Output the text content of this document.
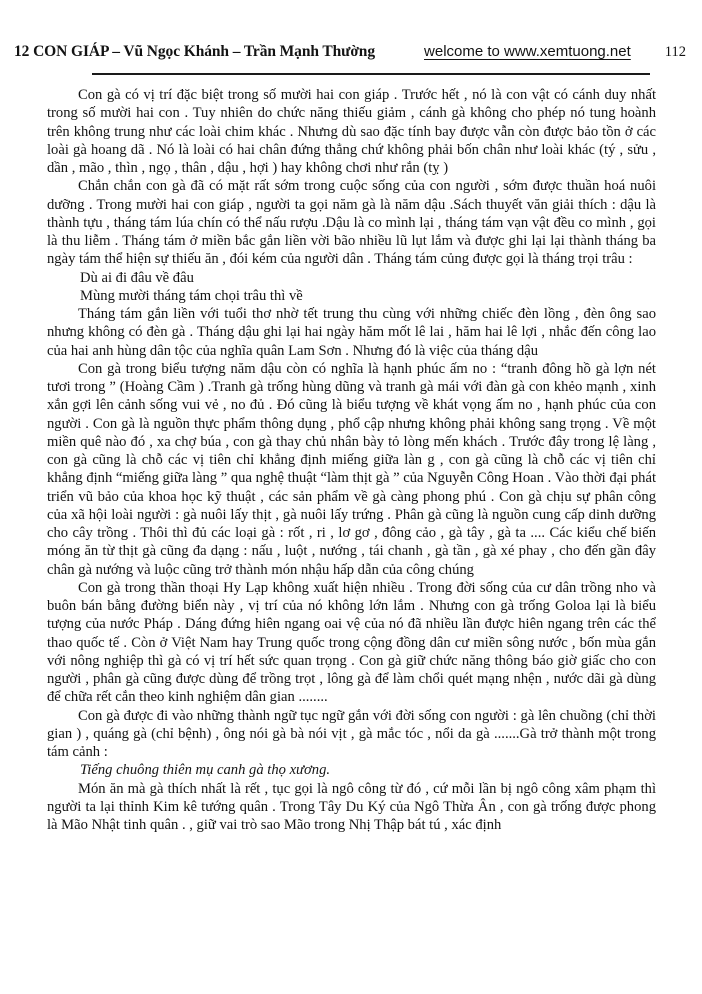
12 CON GIÁP – Vũ Ngọc Khánh – Trần Mạnh Thường	welcome to www.xemtuong.net 112

Con gà có vị trí đặc biệt trong số mười hai con giáp . Trước hết , nó là con vật có cánh duy nhất trong số mười hai con . Tuy nhiên do chức năng thiếu giảm , cánh gà không cho phép nó tung hoành trên không trung như các loài chim khác . Nhưng dù sao đặc tính bay được vẫn còn được bảo tồn ở các loài gà hoang dã . Nó là loài có hai chân đứng thẳng chứ không phải bốn chân như loài khác (tý , sửu , dần , mão , thìn , ngọ , thân , dậu , hợi ) hay không chơi như rắn (tỵ )

Chắn chắn con gà đã có mặt rất sớm trong cuộc sống của con người , sớm được thuần hoá nuôi dưỡng . Trong mười hai con giáp , người ta gọi năm gà là năm dậu .Sách thuyết văn giải thích : dậu là thành tựu , tháng tám lúa chín có thể nấu rượu .Dậu là co mình lại , tháng tám vạn vật đều co mình , gọi là thu liễm . Tháng tám ở miền bắc gắn liền vời bão nhiều lũ lụt lắm và được ghi lại lại thành tháng ba ngày tám thể hiện sự thiếu ăn , đói kém của người dân . Tháng tám củng được gọi là tháng trọi trâu :

Dù ai đi đâu về đâu

Mùng mười tháng tám chọi trâu thì về

Tháng tám gắn liền với tuổi thơ nhờ tết trung thu cùng với những chiếc đèn lồng , đèn ông sao nhưng không có đèn gà . Tháng dậu ghi lại hai ngày hăm mốt lê lai , hăm hai lê lợi , nhắc đến công lao của hai anh hùng dân tộc của nghĩa quân Lam Sơn . Nhưng đó là việc của tháng dậu

Con gà trong biểu tượng năm dậu còn có nghĩa là hạnh phúc ấm no : “tranh đông hồ gà lợn nét tươi trong ” (Hoàng Cầm ) .Tranh gà trống hùng dũng và tranh gà mái với đàn gà con khẻo mạnh , xinh xắn gợi lên cảnh sống vui vẻ , no đủ . Đó cũng là biểu tượng về khát vọng ấm no , hạnh phúc của con người . Con gà là nguồn thực phẩm thông dụng , phổ cập nhưng không phải không sang trọng . Về một miền quê nào đó , xa chợ búa , con gà thay chủ nhân bày tỏ lòng mến khách . Trước đây trong lệ làng , con gà cũng là chỗ các vị tiên chỉ khẳng định miếng giữa làn g , con gà cũng là chỗ các vị tiên chỉ khẳng định “miếng giữa làng ” qua nghệ thuật “làm thịt gà ” của Nguyễn Công Hoan . Vào thời đại phát triển vũ bảo của khoa học kỹ thuật , các sản phẩm về gà càng phong phú . Con gà chịu sự phân công của xã hội loài người : gà nuôi lấy thịt , gà nuôi lấy trứng . Phân gà cũng là nguồn cung cấp dinh dưỡng cho cây trồng . Thôi thì đủ các loại gà : rốt , ri , lơ gơ , đông cảo , gà tây , gà ta .... Các kiểu chế biến móng ăn từ thịt gà cũng đa dạng : nấu , luột , nướng , tái chanh , gà tần , gà xé phay , cho đến gần đây chân gà nướng và luộc cũng trở thành món nhậu hấp dẫn của công chúng

Con gà trong thần thoại Hy Lạp không xuất hiện nhiều . Trong đời sống của cư dân trồng nho và buôn bán bằng đường biển này , vị trí của nó không lớn lắm . Nhưng con gà trống Goloa lại là biểu tượng của nước Pháp . Dáng đứng hiên ngang oai vệ của nó đã nhiều lần được hiên ngang trên các thể thao quốc tế . Còn ở Việt Nam hay Trung quốc trong cộng đồng dân cư miền sông nước , bốn mùa gắn với nông nghiệp thì gà có vị trí hết sức quan trọng . Con gà giữ chức năng thông báo giờ giấc cho con người , phân gà cũng được dùng để trồng trọt , lông gà để làm chổi quét mạng nhện , nước dãi gà dùng để chữa rết cắn theo kinh nghiệm dân gian ........

Con gà được đi vào những thành ngữ tục ngữ gắn với đời sống con người : gà lên chuồng (chỉ thời gian ) , quáng gà (chỉ bệnh) , ông nói gà bà nói vịt , gà mắc tóc , nổi da gà .......Gà trở thành một trong tám cảnh :

Tiếng chuông thiên mụ canh gà thọ xương.

Món ăn mà gà thích nhất là rết , tục gọi là ngô công từ đó , cứ mỗi lần bị ngô công xâm phạm thì người ta lại thỉnh Kim kê tướng quân . Trong Tây Du Ký của Ngô Thừa Ân , con gà trống được phong là Mão Nhật tinh quân . , giữ vai trò sao Mão trong Nhị Thập bát tú , xác định
